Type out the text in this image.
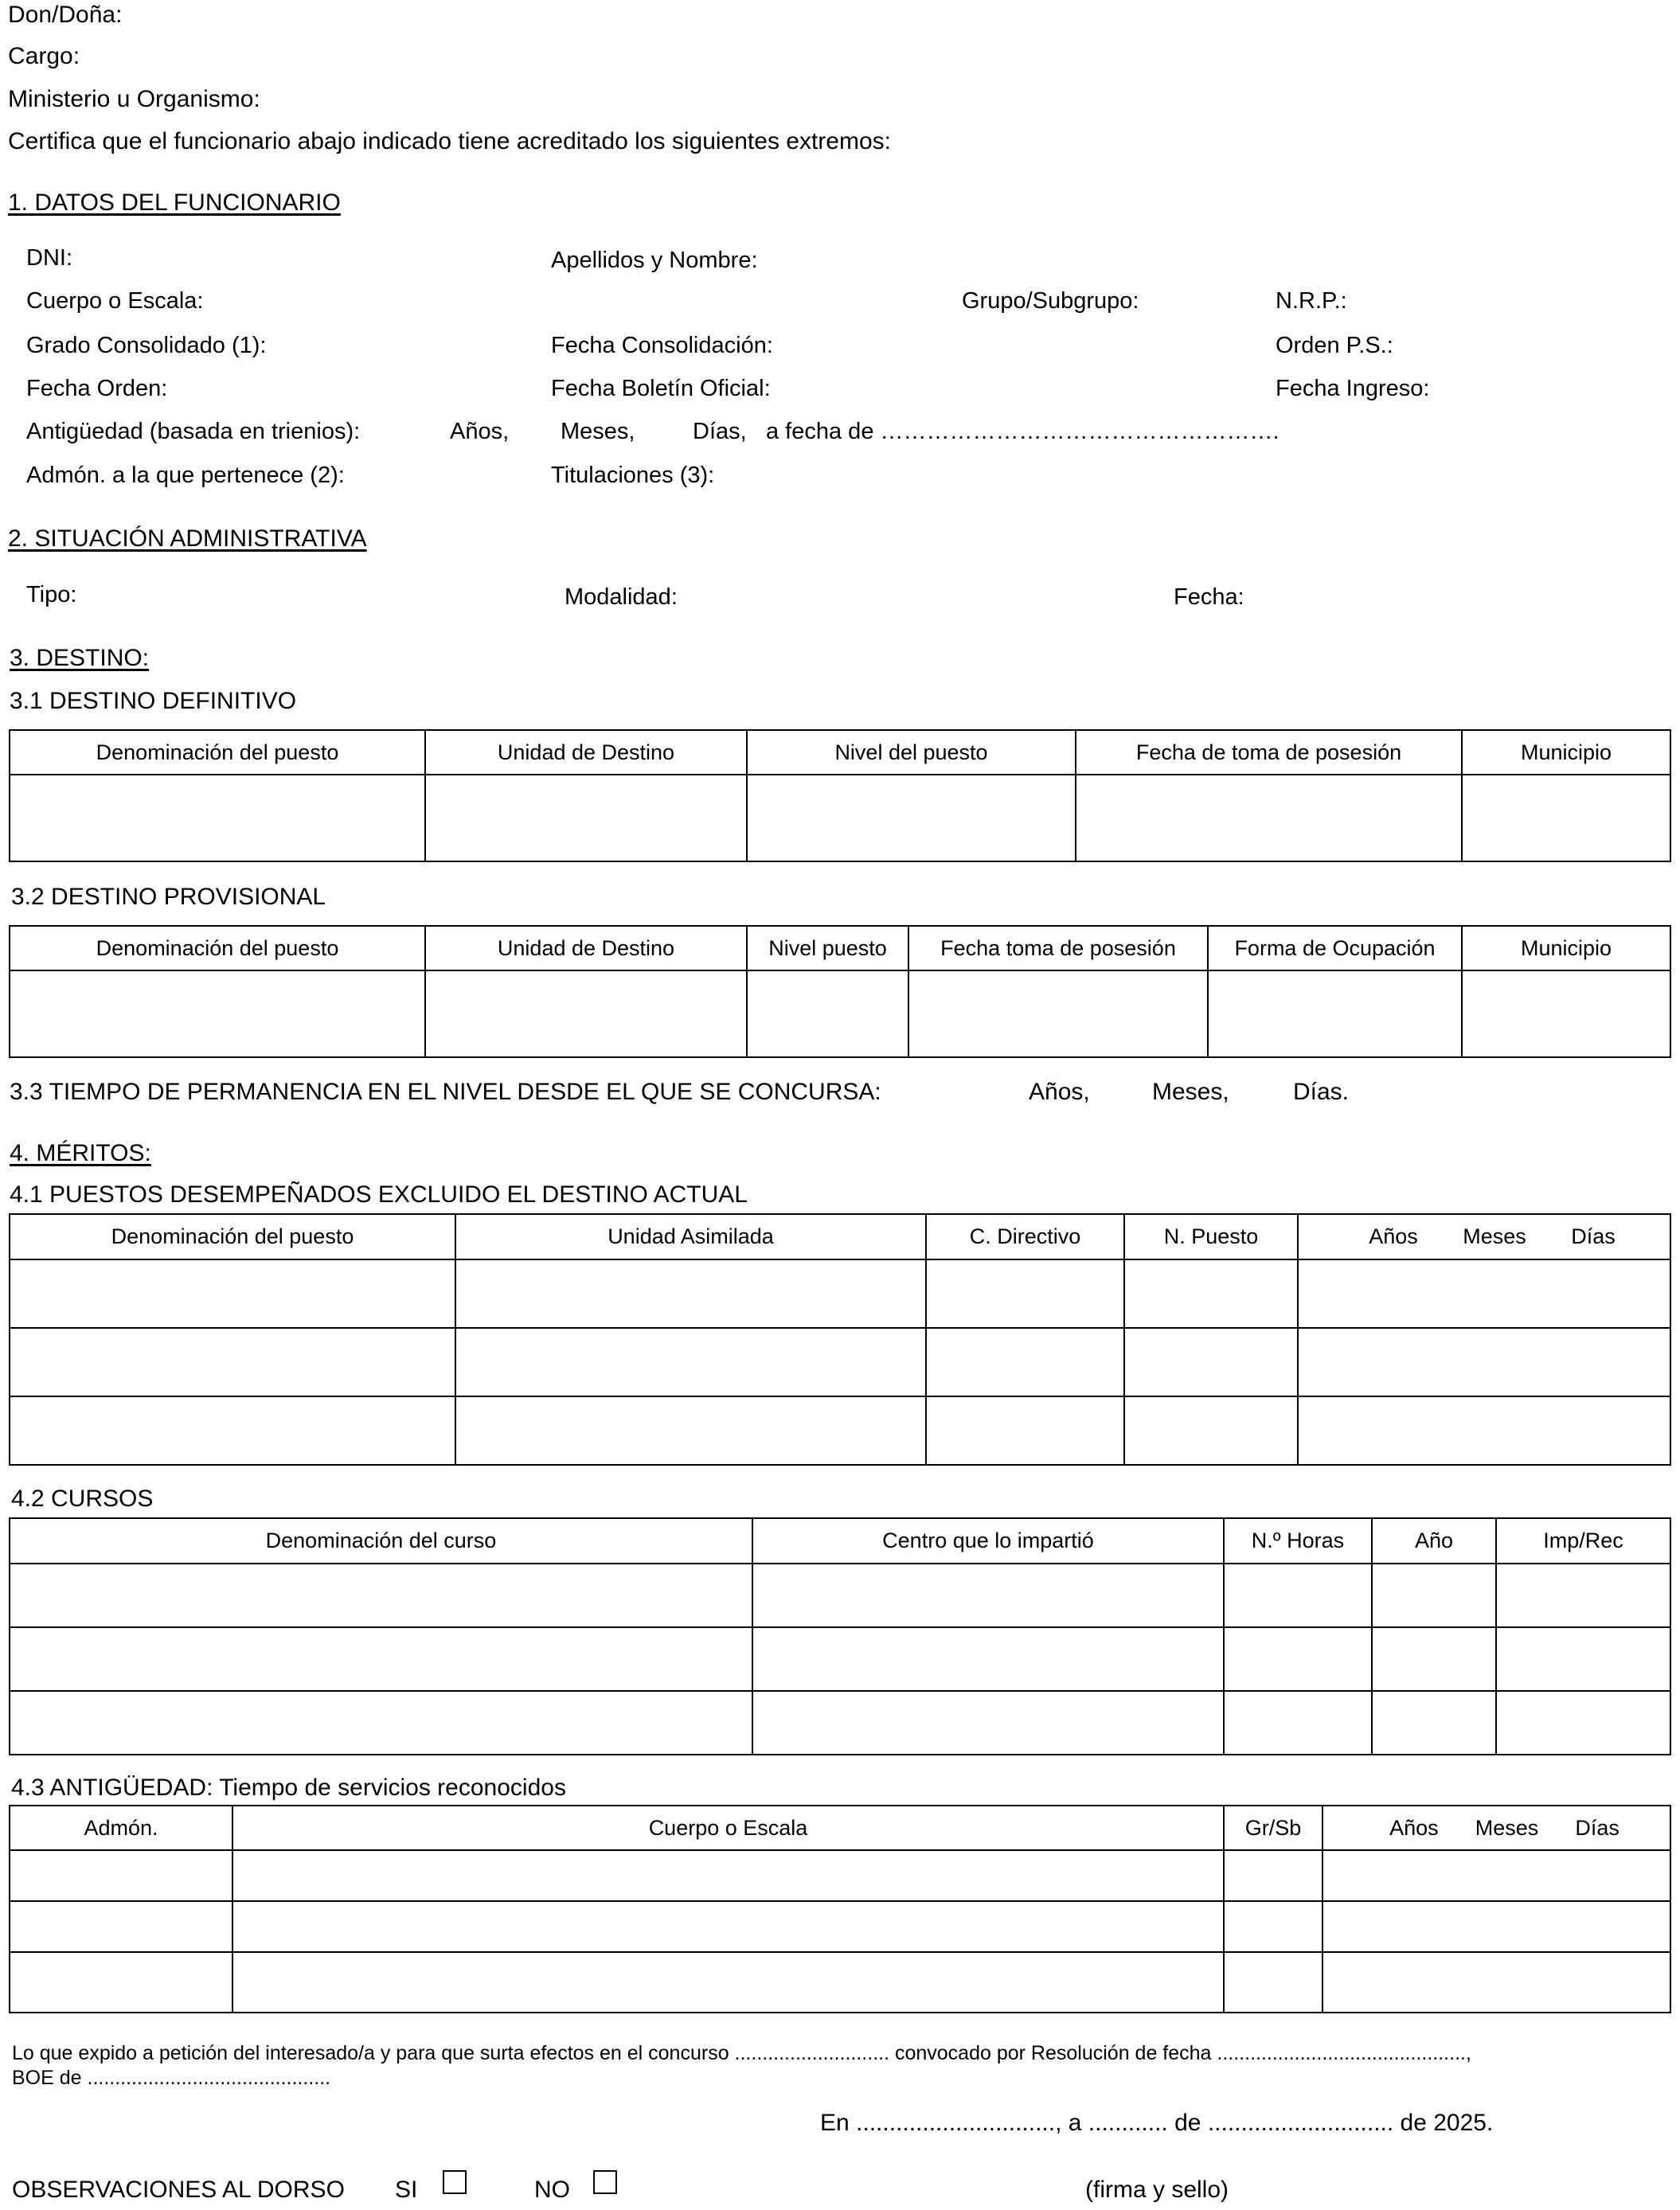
Don/Doña:
Cargo:
Ministerio u Organismo:
Certifica que el funcionario abajo indicado tiene acreditado los siguientes extremos:
1. DATOS DEL FUNCIONARIO
DNI:	Apellidos y Nombre:
Cuerpo o Escala:	Grupo/Subgrupo:	N.R.P.:
Grado Consolidado (1):	Fecha Consolidación:	Orden P.S.:
Fecha Orden:	Fecha Boletín Oficial:	Fecha Ingreso:
Antigüedad (basada en trienios):	Años, Meses,	Días, a fecha de …………………………………………….
Admón. a la que pertenece (2):	Titulaciones (3):
2. SITUACIÓN ADMINISTRATIVA
Tipo:	Modalidad:	Fecha:
3. DESTINO:
3.1 DESTINO DEFINITIVO
Denominación del puesto	Unidad de Destino	Nivel del puesto	Fecha de toma de posesión	Municipio

3.2 DESTINO PROVISIONAL
Denominación del puesto	Unidad de Destino	Nivel puesto	Fecha toma de posesión	Forma de Ocupación	Municipio

3.3 TIEMPO DE PERMANENCIA EN EL NIVEL DESDE EL QUE SE CONCURSA:	Años,	Meses,	Días.
4. MÉRITOS:
4.1 PUESTOS DESEMPEÑADOS EXCLUIDO EL DESTINO ACTUAL
Denominación del puesto	Unidad Asimilada	C. Directivo	N. Puesto	Años Meses Días

4.2 CURSOS
Denominación del curso	Centro que lo impartió	N.º Horas	Año	Imp/Rec

4.3 ANTIGÜEDAD: Tiempo de servicios reconocidos
Admón.	Cuerpo o Escala	Gr/Sb	Años Meses Días

Lo que expido a petición del interesado/a y para que surta efectos en el concurso ............................ convocado por Resolución de fecha .............................................,
BOE de ............................................
En .............................., a ............ de ............................ de 2025.
OBSERVACIONES AL DORSO SI	NO	(firma y sello)
